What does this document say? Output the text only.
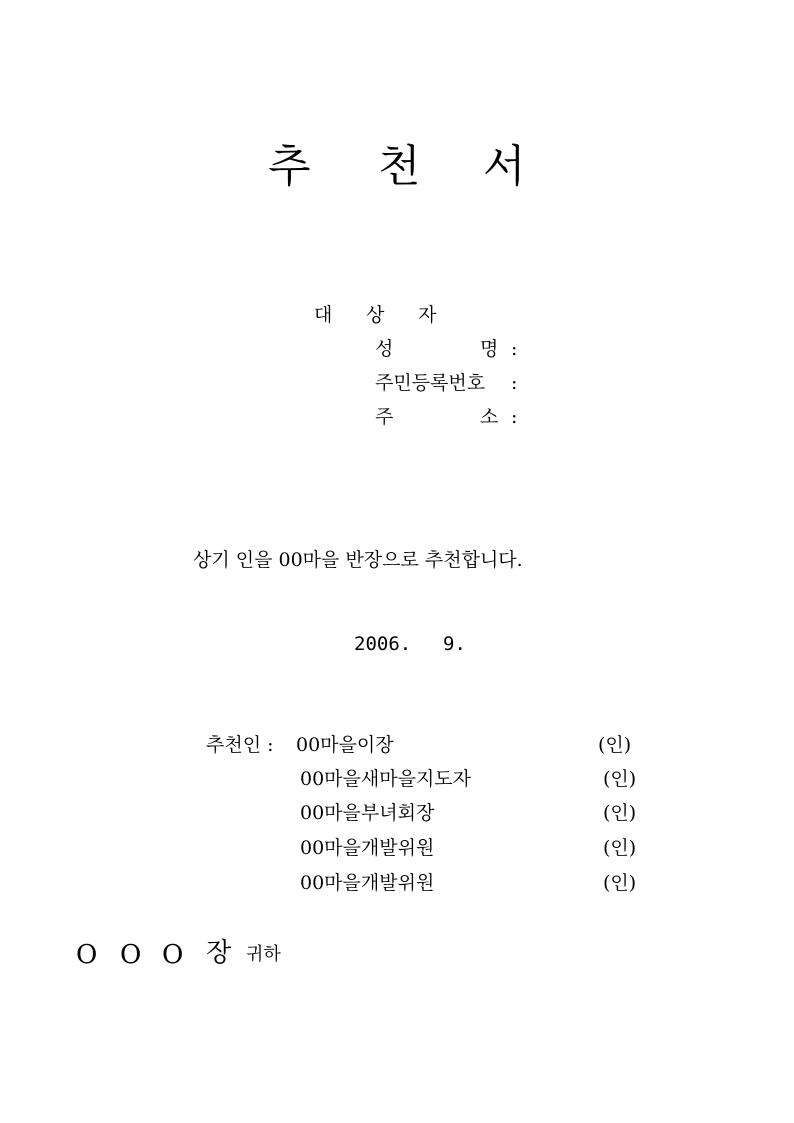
추 천 서
대 상 자
성	명 :
주민등록번호 :
주	소 :
상기 인을 00마을 반장으로 추천합니다.
2006. 9.
추천인 : 00마을이장	(인)
00마을새마을지도자	(인)
00마을부녀회장	(인)
00마을개발위원	(인)
00마을개발위원	(인)
O O O 장 귀하
